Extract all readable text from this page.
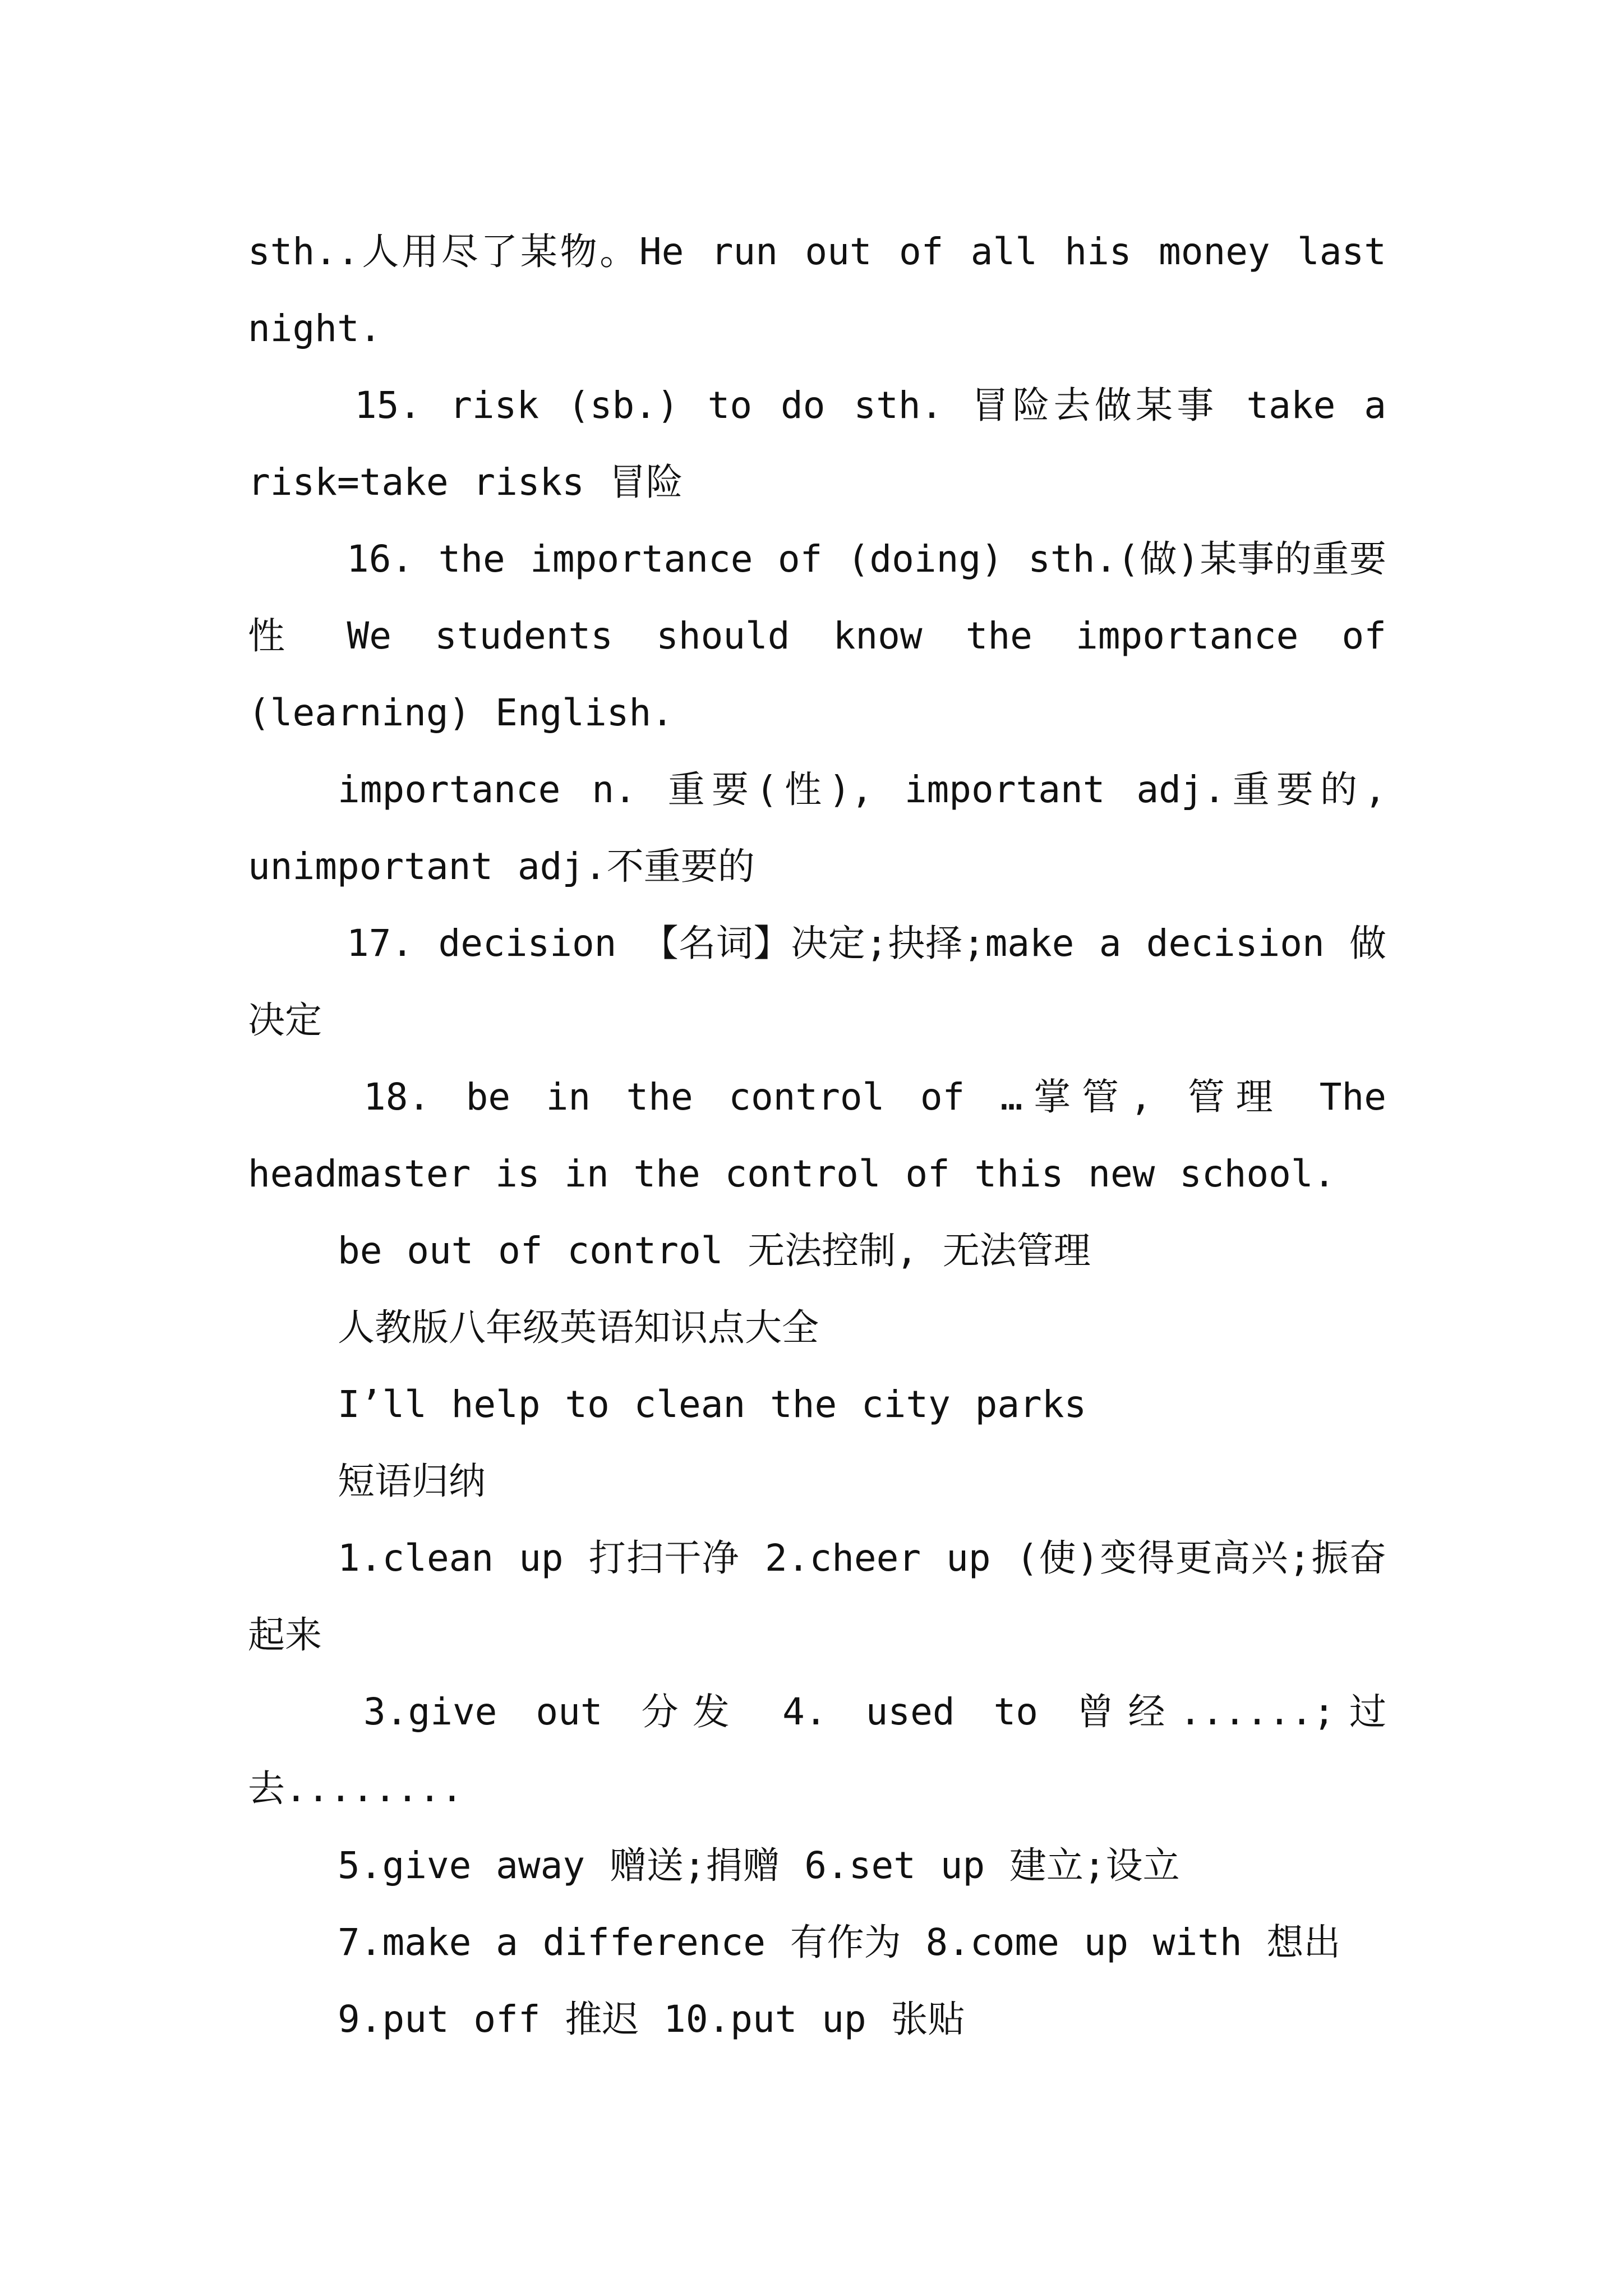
sth..人用尽了某物。He run out of all his money last night.

15. risk (sb.) to do sth. 冒险去做某事 take a risk=take risks 冒险

16. the importance of (doing) sth.(做)某事的重要性 We students should know the importance of (learning) English.

importance n. 重要(性), important adj.重要的, unimportant adj.不重要的

17. decision 【名词】决定;抉择;make a decision 做决定

18. be in the control of …掌管, 管理 The headmaster is in the control of this new school.

be out of control 无法控制, 无法管理

人教版八年级英语知识点大全

I’ll help to clean the city parks

短语归纳

1.clean up 打扫干净 2.cheer up (使)变得更高兴;振奋起来

3.give out 分发 4. used to 曾经......;过去........

5.give away 赠送;捐赠 6.set up 建立;设立

7.make a difference 有作为 8.come up with 想出

9.put off 推迟 10.put up 张贴
